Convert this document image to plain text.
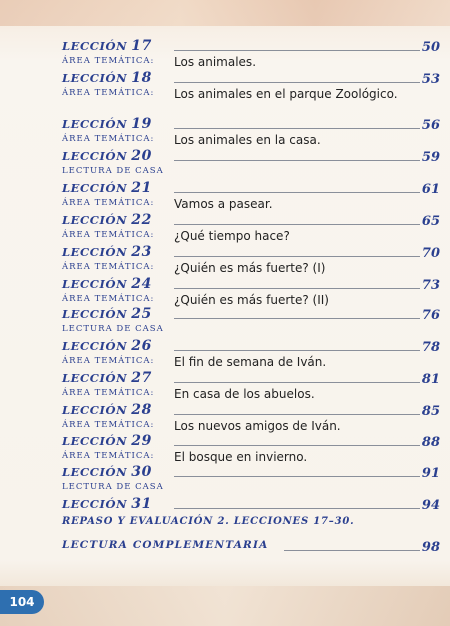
LECCIÓN 17	50
ÁREA TEMÁTICA: Los animales.
LECCIÓN 18	53
ÁREA TEMÁTICA: Los animales en el parque Zoológico.
LECCIÓN 19	56
ÁREA TEMÁTICA: Los animales en la casa.
LECCIÓN 20	59
LECTURA DE CASA
LECCIÓN 21	61
ÁREA TEMÁTICA: Vamos a pasear.
LECCIÓN 22	65
ÁREA TEMÁTICA: ¿Qué tiempo hace?
LECCIÓN 23	70
ÁREA TEMÁTICA: ¿Quién es más fuerte? (I)
LECCIÓN 24	73
ÁREA TEMÁTICA: ¿Quién es más fuerte? (II)
LECCIÓN 25	76
LECTURA DE CASA
LECCIÓN 26	78
ÁREA TEMÁTICA: El fin de semana de Iván.
LECCIÓN 27	81
ÁREA TEMÁTICA: En casa de los abuelos.
LECCIÓN 28	85
ÁREA TEMÁTICA: Los nuevos amigos de Iván.
LECCIÓN 29	88
ÁREA TEMÁTICA: El bosque en invierno.
LECCIÓN 30	91
LECTURA DE CASA
LECCIÓN 31	94
REPASO Y EVALUACIÓN 2. LECCIONES 17–30.
LECTURA COMPLEMENTARIA	98
104
